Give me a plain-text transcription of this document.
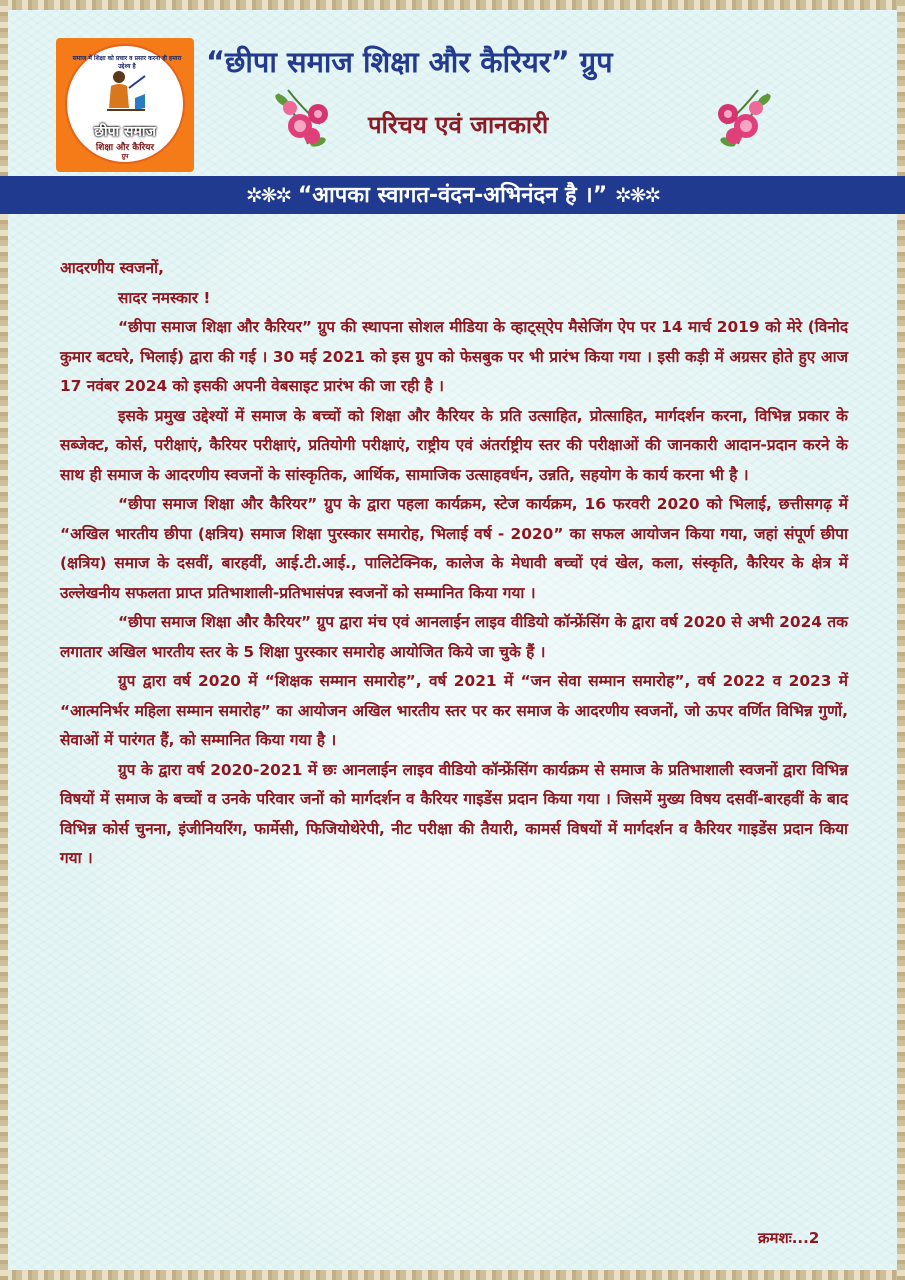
समाज में शिक्षा को प्रचार व प्रसार करना ही हमारा उद्देश्य है
छीपा समाज
शिक्षा और कैरियर
ग्रुप
“छीपा समाज शिक्षा और कैरियर” ग्रुप
परिचय एवं जानकारी
✲❋✲ “आपका स्वागत-वंदन-अभिनंदन है ।” ✲❋✲

आदरणीय स्वजनों,

सादर नमस्कार !

“छीपा समाज शिक्षा और कैरियर” ग्रुप की स्थापना सोशल मीडिया के व्हाट्स्ऐप मैसेजिंग ऐप पर 14 मार्च 2019 को मेरे (विनोद कुमार बटघरे, भिलाई) द्वारा की गई । 30 मई 2021 को इस ग्रुप को फेसबुक पर भी प्रारंभ किया गया । इसी कड़ी में अग्रसर होते हुए आज 17 नवंबर 2024 को इसकी अपनी वेबसाइट प्रारंभ की जा रही है ।

इसके प्रमुख उद्देश्यों में समाज के बच्चों को शिक्षा और कैरियर के प्रति उत्साहित, प्रोत्साहित, मार्गदर्शन करना, विभिन्न प्रकार के सब्जेक्ट, कोर्स, परीक्षाएं, कैरियर परीक्षाएं, प्रतियोगी परीक्षाएं, राष्ट्रीय एवं अंतर्राष्ट्रीय स्तर की परीक्षाओं की जानकारी आदान-प्रदान करने के साथ ही समाज के आदरणीय स्वजनों के सांस्कृतिक, आर्थिक, सामाजिक उत्साहवर्धन, उन्नति, सहयोग के कार्य करना भी है ।

“छीपा समाज शिक्षा और कैरियर” ग्रुप के द्वारा पहला कार्यक्रम, स्टेज कार्यक्रम, 16 फरवरी 2020 को भिलाई, छत्तीसगढ़ में “अखिल भारतीय छीपा (क्षत्रिय) समाज शिक्षा पुरस्कार समारोह, भिलाई वर्ष - 2020” का सफल आयोजन किया गया, जहां संपूर्ण छीपा (क्षत्रिय) समाज के दसवीं, बारहवीं, आई.टी.आई., पालिटेक्निक, कालेज के मेधावी बच्चों एवं खेल, कला, संस्कृति, कैरियर के क्षेत्र में उल्लेखनीय सफलता प्राप्त प्रतिभाशाली-प्रतिभासंपन्न स्वजनों को सम्मानित किया गया ।

“छीपा समाज शिक्षा और कैरियर” ग्रुप द्वारा मंच एवं आनलाईन लाइव वीडियो कॉन्फ्रेंसिंग के द्वारा वर्ष 2020 से अभी 2024 तक लगातार अखिल भारतीय स्तर के 5 शिक्षा पुरस्कार समारोह आयोजित किये जा चुके हैं ।

ग्रुप द्वारा वर्ष 2020 में “शिक्षक सम्मान समारोह”, वर्ष 2021 में “जन सेवा सम्मान समारोह”, वर्ष 2022 व 2023 में “आत्मनिर्भर महिला सम्मान समारोह” का आयोजन अखिल भारतीय स्तर पर कर समाज के आदरणीय स्वजनों, जो ऊपर वर्णित विभिन्न गुणों, सेवाओं में पारंगत हैं, को सम्मानित किया गया है ।

ग्रुप के द्वारा वर्ष 2020-2021 में छः आनलाईन लाइव वीडियो कॉन्फ्रेंसिंग कार्यक्रम से समाज के प्रतिभाशाली स्वजनों द्वारा विभिन्न विषयों में समाज के बच्चों व उनके परिवार जनों को मार्गदर्शन व कैरियर गाइडेंस प्रदान किया गया । जिसमें मुख्य विषय दसवीं-बारहवीं के बाद विभिन्न कोर्स चुनना, इंजीनियरिंग, फार्मेसी, फिजियोथेरेपी, नीट परीक्षा की तैयारी, कामर्स विषयों में मार्गदर्शन व कैरियर गाइडेंस प्रदान किया गया ।

क्रमशः...2
